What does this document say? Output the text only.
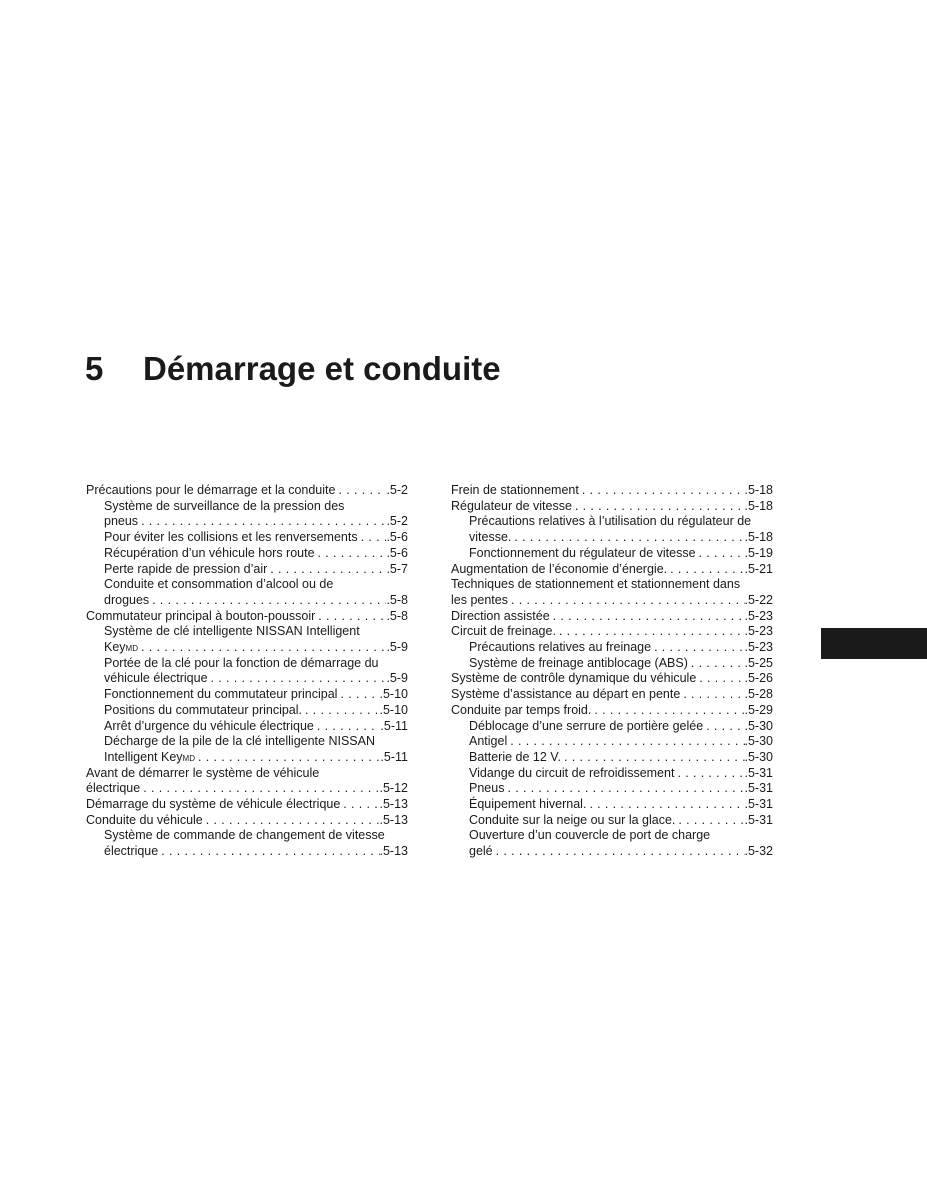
5 Démarrage et conduite
Précautions pour le démarrage et la conduite . . .	.5-2
Système de surveillance de la pression des
pneus . . .	.5-2
Pour éviter les collisions et les renversements . . . .5-6
Récupération d’un véhicule hors route . . .	.5-6
Perte rapide de pression d’air . . .	.5-7
Conduite et consommation d’alcool ou de
drogues . . .	.5-8
Commutateur principal à bouton-poussoir . . .	.5-8
Système de clé intelligente NISSAN Intelligent
Key MD . . .	.5-9
Portée de la clé pour la fonction de démarrage du
véhicule électrique . . .	.5-9
Fonctionnement du commutateur principal . . .	.5-10
Positions du commutateur principal. . . .	.5-10
Arrêt d’urgence du véhicule électrique . . .	.5-11
Décharge de la pile de la clé intelligente NISSAN
Intelligent Key MD . . .	.5-11
Avant de démarrer le système de véhicule
électrique . . .	.5-12
Démarrage du système de véhicule électrique . . .	.5-13
Conduite du véhicule . . .	.5-13
Système de commande de changement de vitesse
électrique . . .	.5-13
Frein de stationnement . . .	.5-18
Régulateur de vitesse . . .	.5-18
Précautions relatives à l’utilisation du régulateur de
vitesse. . . .	.5-18
Fonctionnement du régulateur de vitesse . . .	.5-19
Augmentation de l’économie d’énergie. . . .	.5-21
Techniques de stationnement et stationnement dans
les pentes . . .	.5-22
Direction assistée . . .	.5-23
Circuit de freinage. . . .	.5-23
Précautions relatives au freinage . . .	.5-23
Système de freinage antiblocage (ABS) . . .	.5-25
Système de contrôle dynamique du véhicule . . .	.5-26
Système d’assistance au départ en pente . . .	.5-28
Conduite par temps froid. . . .	.5-29
Déblocage d’une serrure de portière gelée . . .	.5-30
Antigel . . .	.5-30
Batterie de 12 V. . . .	.5-30
Vidange du circuit de refroidissement . . .	.5-31
Pneus . . .	.5-31
Équipement hivernal. . . .	.5-31
Conduite sur la neige ou sur la glace. . . .	.5-31
Ouverture d’un couvercle de port de charge
gelé . . .	.5-32
